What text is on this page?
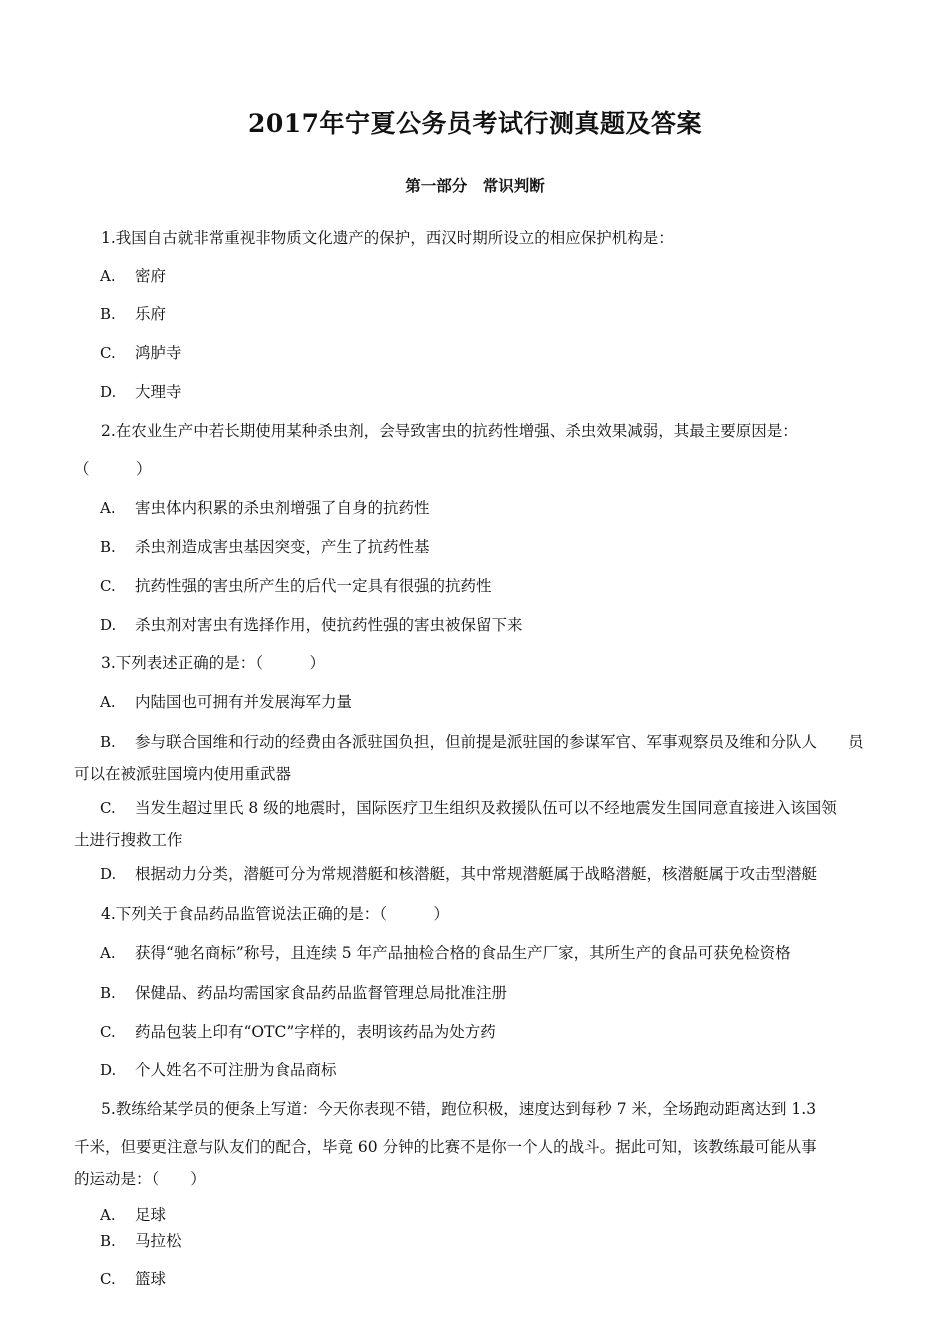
2017年宁夏公务员考试行测真题及答案
第一部分　常识判断
1.我国自古就非常重视非物质文化遗产的保护，西汉时期所设立的相应保护机构是：
A. 密府
B. 乐府
C. 鸿胪寺
D. 大理寺
2.在农业生产中若长期使用某种杀虫剂，会导致害虫的抗药性增强、杀虫效果减弱，其最主要原因是：
（　　　）
A. 害虫体内积累的杀虫剂增强了自身的抗药性
B. 杀虫剂造成害虫基因突变，产生了抗药性基
C. 抗药性强的害虫所产生的后代一定具有很强的抗药性
D. 杀虫剂对害虫有选择作用，使抗药性强的害虫被保留下来
3.下列表述正确的是：（　　　）
A. 内陆国也可拥有并发展海军力量
B. 参与联合国维和行动的经费由各派驻国负担，但前提是派驻国的参谋军官、军事观察员及维和分队人　　员
可以在被派驻国境内使用重武器
C. 当发生超过里氏 8 级的地震时，国际医疗卫生组织及救援队伍可以不经地震发生国同意直接进入该国领
土进行搜救工作
D. 根据动力分类，潜艇可分为常规潜艇和核潜艇，其中常规潜艇属于战略潜艇，核潜艇属于攻击型潜艇
4.下列关于食品药品监管说法正确的是：（　　　）
A. 获得“驰名商标”称号，且连续 5 年产品抽检合格的食品生产厂家，其所生产的食品可获免检资格
B. 保健品、药品均需国家食品药品监督管理总局批准注册
C. 药品包装上印有“OTC”字样的，表明该药品为处方药
D. 个人姓名不可注册为食品商标
5.教练给某学员的便条上写道：今天你表现不错，跑位积极，速度达到每秒 7 米，全场跑动距离达到 1.3
千米，但要更注意与队友们的配合，毕竟 60 分钟的比赛不是你一个人的战斗。据此可知，该教练最可能从事
的运动是：（　　）
A. 足球
B. 马拉松
C. 篮球
